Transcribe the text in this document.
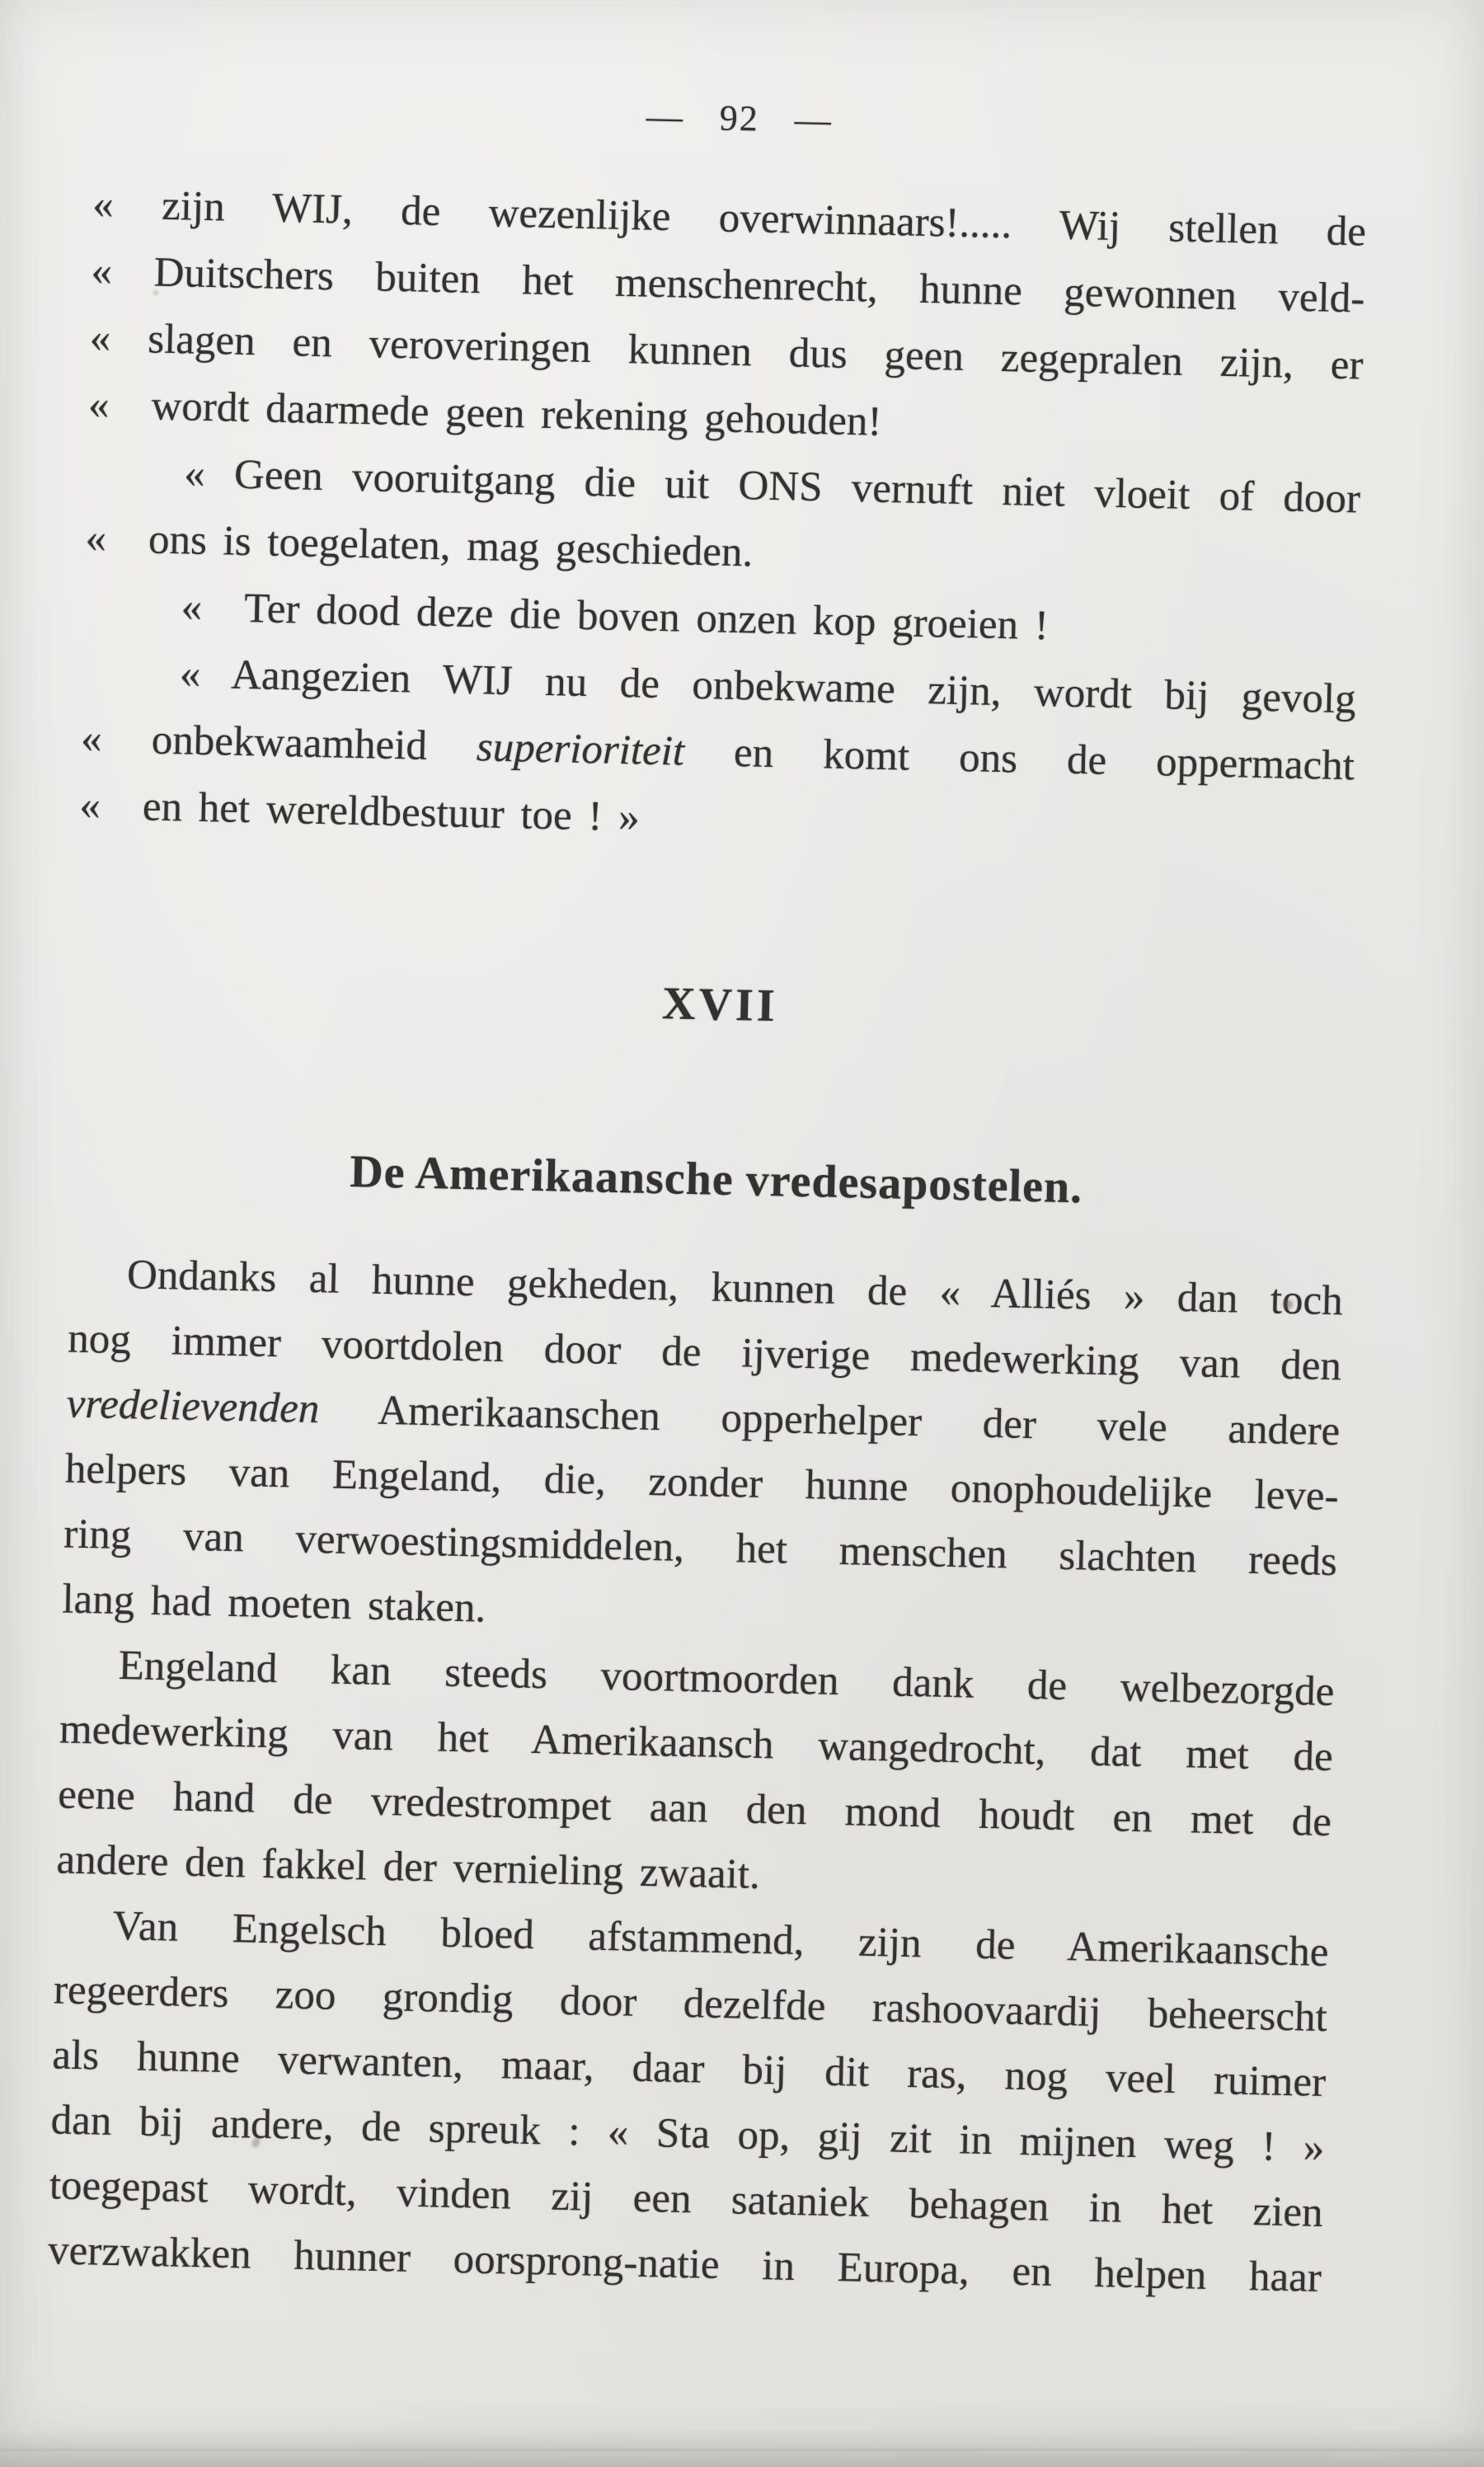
— 92 —
« zijn WIJ, de wezenlijke overwinnaars!..... Wij stellen de
« Duitschers buiten het menschenrecht, hunne gewonnen veld-
« slagen en veroveringen kunnen dus geen zegepralen zijn, er
« wordt daarmede geen rekening gehouden!
« Geen vooruitgang die uit ONS vernuft niet vloeit of door
« ons is toegelaten, mag geschieden.
« Ter dood deze die boven onzen kop groeien !
« Aangezien WIJ nu de onbekwame zijn, wordt bij gevolg
« onbekwaamheid superioriteit en komt ons de oppermacht
« en het wereldbestuur toe ! »
XVII
De Amerikaansche vredesapostelen.
Ondanks al hunne gekheden, kunnen de « Alliés » dan toch
nog immer voortdolen door de ijverige medewerking van den
vredelievenden Amerikaanschen opperhelper der vele andere
helpers van Engeland, die, zonder hunne onophoudelijke leve-
ring van verwoestingsmiddelen, het menschen slachten reeds
lang had moeten staken.
Engeland kan steeds voortmoorden dank de welbezorgde
medewerking van het Amerikaansch wangedrocht, dat met de
eene hand de vredestrompet aan den mond houdt en met de
andere den fakkel der vernieling zwaait.
Van Engelsch bloed afstammend, zijn de Amerikaansche
regeerders zoo grondig door dezelfde rashoovaardij beheerscht
als hunne verwanten, maar, daar bij dit ras, nog veel ruimer
dan bij andere, de spreuk : « Sta op, gij zit in mijnen weg ! »
toegepast wordt, vinden zij een sataniek behagen in het zien
verzwakken hunner oorsprong-natie in Europa, en helpen haar
